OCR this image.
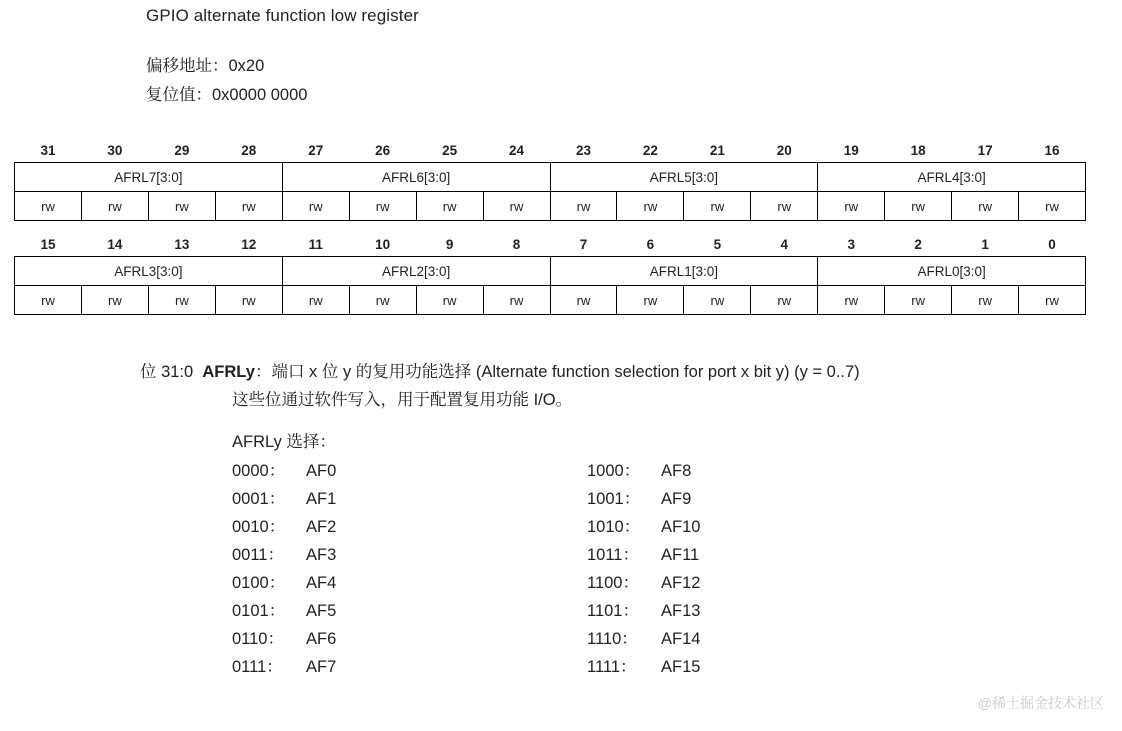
GPIO alternate function low register
偏移地址：0x20
复位值：0x0000 0000
31	30	29	28	27	26	25	24	23	22	21	20	19	18	17	16
AFRL7[3:0]				AFRL6[3:0]				AFRL5[3:0]				AFRL4[3:0]			
rw	rw	rw	rw	rw	rw	rw	rw	rw	rw	rw	rw	rw	rw	rw	rw
15	14	13	12	11	10	9	8	7	6	5	4	3	2	1	0
AFRL3[3:0]				AFRL2[3:0]				AFRL1[3:0]				AFRL0[3:0]			
rw	rw	rw	rw	rw	rw	rw	rw	rw	rw	rw	rw	rw	rw	rw	rw
位 31:0 AFRLy：端口 x 位 y 的复用功能选择 (Alternate function selection for port x bit y) (y = 0..7)
这些位通过软件写入，用于配置复用功能 I/O。
AFRLy 选择：
0000： AF0
0001： AF1
0010： AF2
0011： AF3
0100： AF4
0101： AF5
0110： AF6
0111： AF7
1000： AF8
1001： AF9
1010： AF10
1011： AF11
1100： AF12
1101： AF13
1110： AF14
1111： AF15
@稀土掘金技术社区
